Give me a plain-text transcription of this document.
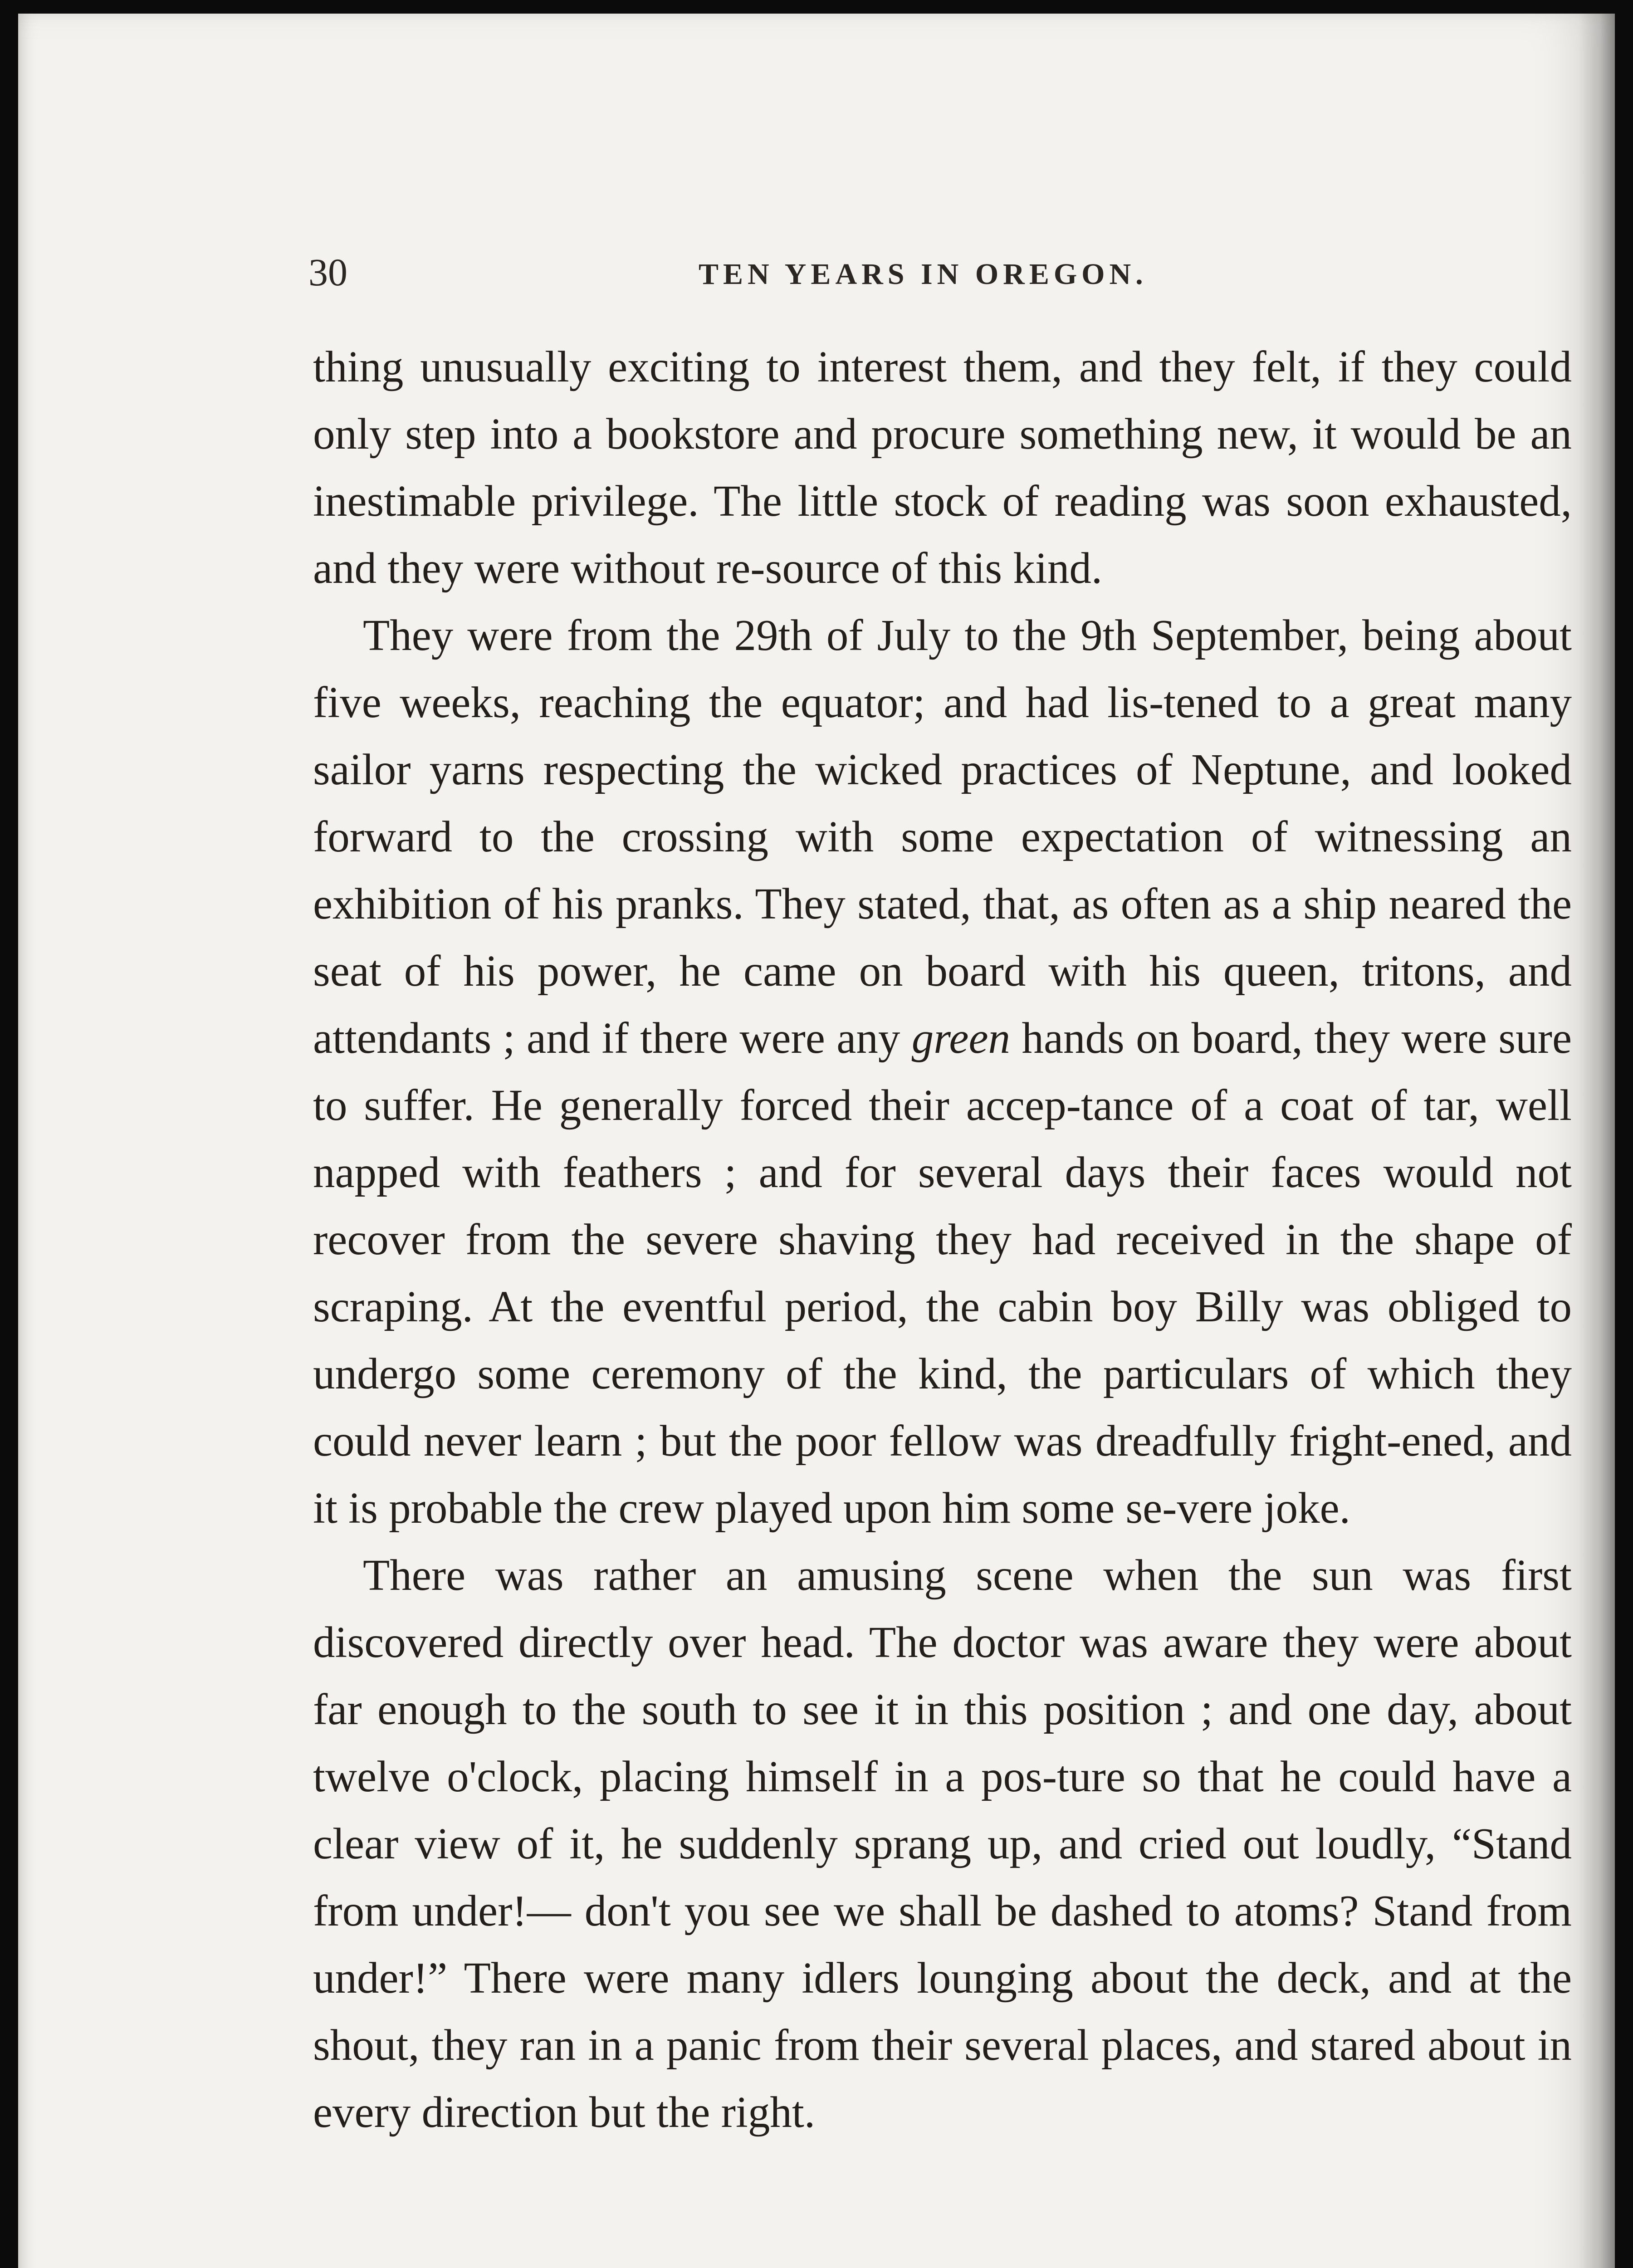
30	TEN YEARS IN OREGON.

thing unusually exciting to interest them, and they felt, if they could only step into a bookstore and procure something new, it would be an inestimable privilege. The little stock of reading was soon exhausted, and they were without re-source of this kind.

They were from the 29th of July to the 9th September, being about five weeks, reaching the equator; and had lis-tened to a great many sailor yarns respecting the wicked practices of Neptune, and looked forward to the crossing with some expectation of witnessing an exhibition of his pranks. They stated, that, as often as a ship neared the seat of his power, he came on board with his queen, tritons, and attendants ; and if there were any green hands on board, they were sure to suffer. He generally forced their accep-tance of a coat of tar, well napped with feathers ; and for several days their faces would not recover from the severe shaving they had received in the shape of scraping. At the eventful period, the cabin boy Billy was obliged to undergo some ceremony of the kind, the particulars of which they could never learn ; but the poor fellow was dreadfully fright-ened, and it is probable the crew played upon him some se-vere joke.

There was rather an amusing scene when the sun was first discovered directly over head. The doctor was aware they were about far enough to the south to see it in this position ; and one day, about twelve o'clock, placing himself in a pos-ture so that he could have a clear view of it, he suddenly sprang up, and cried out loudly, “Stand from under!— don't you see we shall be dashed to atoms? Stand from under!” There were many idlers lounging about the deck, and at the shout, they ran in a panic from their several places, and stared about in every direction but the right.
